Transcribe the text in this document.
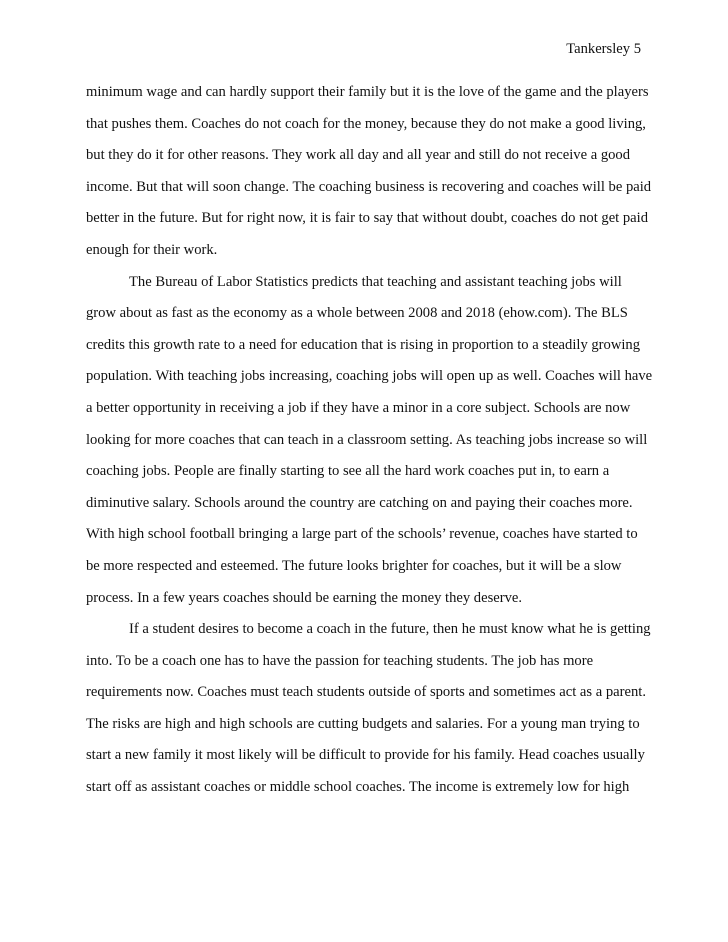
Tankersley 5
minimum wage and can hardly support their family but it is the love of the game and the players
that pushes them. Coaches do not coach for the money, because they do not make a good living,
but they do it for other reasons. They work all day and all year and still do not receive a good
income. But that will soon change. The coaching business is recovering and coaches will be paid
better in the future. But for right now, it is fair to say that without doubt, coaches do not get paid
enough for their work.
The Bureau of Labor Statistics predicts that teaching and assistant teaching jobs will
grow about as fast as the economy as a whole between 2008 and 2018 (ehow.com). The BLS
credits this growth rate to a need for education that is rising in proportion to a steadily growing
population. With teaching jobs increasing, coaching jobs will open up as well. Coaches will have
a better opportunity in receiving a job if they have a minor in a core subject. Schools are now
looking for more coaches that can teach in a classroom setting. As teaching jobs increase so will
coaching jobs. People are finally starting to see all the hard work coaches put in, to earn a
diminutive salary. Schools around the country are catching on and paying their coaches more.
With high school football bringing a large part of the schools’ revenue, coaches have started to
be more respected and esteemed. The future looks brighter for coaches, but it will be a slow
process. In a few years coaches should be earning the money they deserve.
If a student desires to become a coach in the future, then he must know what he is getting
into. To be a coach one has to have the passion for teaching students. The job has more
requirements now. Coaches must teach students outside of sports and sometimes act as a parent.
The risks are high and high schools are cutting budgets and salaries. For a young man trying to
start a new family it most likely will be difficult to provide for his family. Head coaches usually
start off as assistant coaches or middle school coaches. The income is extremely low for high
